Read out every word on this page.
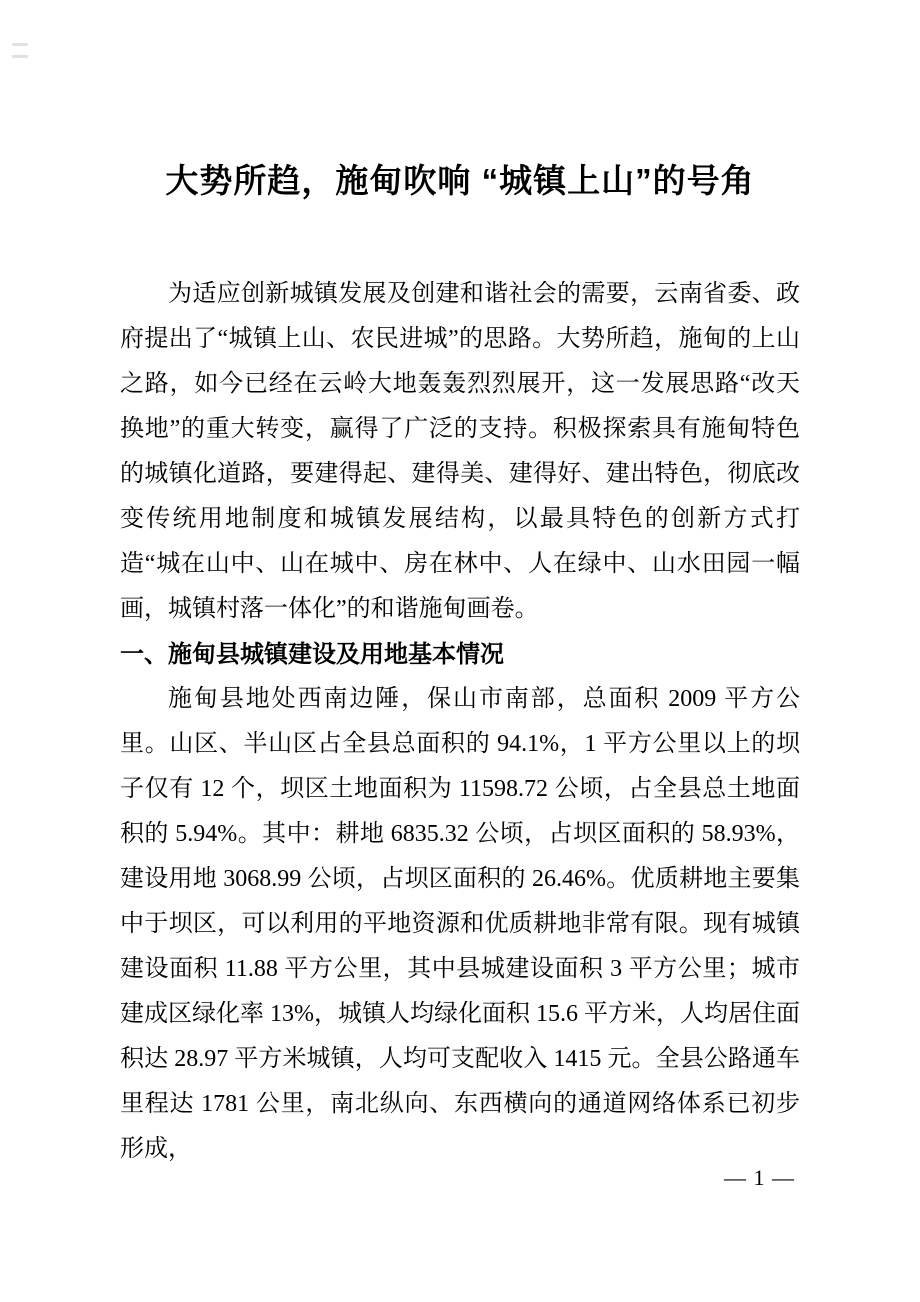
大势所趋，施甸吹响 “城镇上山”的号角

为适应创新城镇发展及创建和谐社会的需要，云南省委、政府提出了“城镇上山、农民进城”的思路。大势所趋，施甸的上山之路，如今已经在云岭大地轰轰烈烈展开，这一发展思路“改天换地”的重大转变，赢得了广泛的支持。积极探索具有施甸特色的城镇化道路，要建得起、建得美、建得好、建出特色，彻底改变传统用地制度和城镇发展结构，以最具特色的创新方式打造“城在山中、山在城中、房在林中、人在绿中、山水田园一幅画，城镇村落一体化”的和谐施甸画卷。

一、施甸县城镇建设及用地基本情况

施甸县地处西南边陲，保山市南部，总面积 2009 平方公里。山区、半山区占全县总面积的 94.1%，1 平方公里以上的坝子仅有 12 个，坝区土地面积为 11598.72 公顷，占全县总土地面积的 5.94%。其中：耕地 6835.32 公顷，占坝区面积的 58.93%，建设用地 3068.99 公顷，占坝区面积的 26.46%。优质耕地主要集中于坝区，可以利用的平地资源和优质耕地非常有限。现有城镇建设面积 11.88 平方公里，其中县城建设面积 3 平方公里；城市建成区绿化率 13%，城镇人均绿化面积 15.6 平方米，人均居住面积达 28.97 平方米城镇，人均可支配收入 1415 元。全县公路通车里程达 1781 公里，南北纵向、东西横向的通道网络体系已初步形成，

— 1 —
